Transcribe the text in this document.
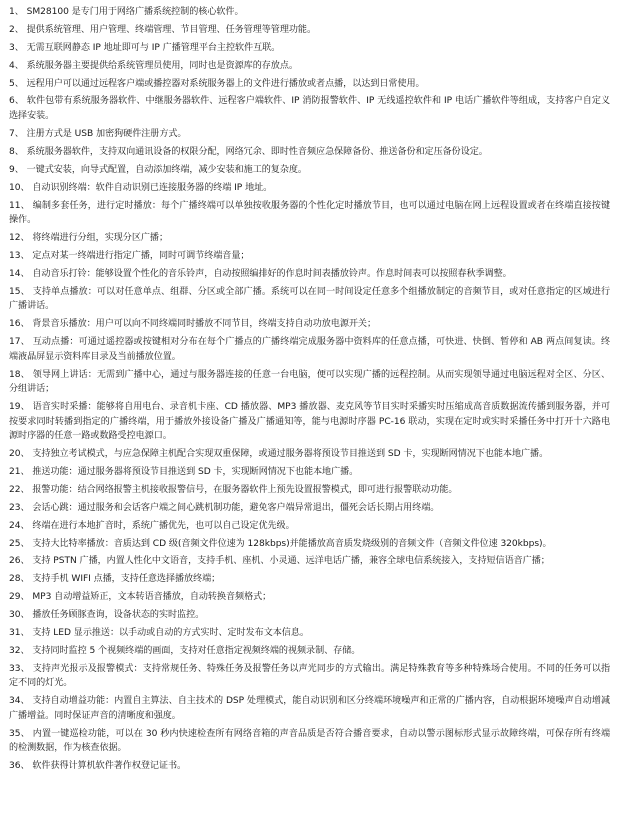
1、 SM28100 是专门用于网络广播系统控制的核心软件。

2、 提供系统管理、用户管理、终端管理、节目管理、任务管理等管理功能。

3、 无需互联网静态 IP 地址即可与 IP 广播管理平台主控软件互联。

4、 系统服务器主要提供给系统管理员使用，同时也是资源库的存放点。

5、 远程用户可以通过远程客户端或播控器对系统服务器上的文件进行播放或者点播，以达到日常使用。

6、 软件包带有系统服务器软件、中继服务器软件、远程客户端软件、IP 消防报警软件、IP 无线遥控软件和 IP 电话广播软件等组成，支持客户自定义选择安装。

7、 注册方式是 USB 加密狗硬件注册方式。

8、 系统服务器软件，支持双向通讯设备的权限分配，网络冗余、即时性音频应急保障备份、推送备份和定压备份设定。

9、 一键式安装，向导式配置，自动添加终端，减少安装和施工的复杂度。

10、 自动识别终端：软件自动识别已连接服务器的终端 IP 地址。

11、 编制多套任务，进行定时播放：每个广播终端可以单独按收服务器的个性化定时播放节目，也可以通过电脑在网上远程设置或者在终端直接按键操作。

12、 将终端进行分组，实现分区广播；

13、 定点对某一终端进行指定广播，同时可调节终端音量；

14、 自动音乐打铃：能够设置个性化的音乐铃声，自动按照编排好的作息时间表播放铃声。作息时间表可以按照春秋季调整。

15、 支持单点播放：可以对任意单点、组群、分区或全部广播。系统可以在同一时间设定任意多个组播放制定的音频节目，或对任意指定的区域进行广播讲话。

16、 背景音乐播放：用户可以向不同终端同时播放不同节目，终端支持自动功放电源开关；

17、 互动点播：可通过遥控器或按键相对分布在每个广播点的广播终端完成服务器中资料库的任意点播，可快进、快倒、暂停和 AB 两点间复读。终端液晶屏显示资料库目录及当前播放位置。

18、 领导网上讲话：无需到广播中心，通过与服务器连接的任意一台电脑，便可以实现广播的远程控制。从而实现领导通过电脑远程对全区、分区、分组讲话；

19、 语音实时采播：能够将自用电台、录音机卡座、CD 播放器、MP3 播放器、麦克风等节目实时采播实时压缩成高音质数据流传播到服务器，并可按要求同时转播到指定的广播终端，用于播放外接设备广播及广播通知等，能与电源时序器 PC-16 联动，实现在定时或实时采播任务中打开十六路电源时序器的任意一路或数路受控电源口。

20、 支持独立考试模式，与应急保障主机配合实现双重保障，或通过服务器将预设节目推送到 SD 卡，实现断网情况下也能本地广播。

21、 推送功能：通过服务器将预设节目推送到 SD 卡，实现断网情况下也能本地广播。

22、 报警功能：结合网络报警主机接收报警信号，在服务器软件上预先设置报警模式，即可进行报警联动功能。

23、 会话心跳：通过服务和会话客户端之间心跳机制功能，避免客户端异常退出，僵死会话长期占用终端。

24、 终端在进行本地扩音时，系统广播优先，也可以自己设定优先级。

25、 支持大比特率播放：音质达到 CD 级(音频文件位速为 128kbps)并能播放高音质发烧级别的音频文件（音频文件位速 320kbps)。

26、 支持 PSTN 广播，内置人性化中文语音，支持手机、座机、小灵通、远洋电话广播，兼容全球电信系统接入，支持短信语音广播；

28、 支持手机 WIFI 点播，支持任意选择播放终端；

29、 MP3 自动增益矫正，文本转语音播放，自动转换音频格式；

30、 播放任务顾豚查询，设备状态的实时监控。

31、 支持 LED 显示推送：以手动或自动的方式实时、定时发布文本信息。

32、 支持同时监控 5 个视频终端的画面，支持对任意指定视频终端的视频录制、存储。

33、 支持声光报示及报警模式：支持常规任务、特殊任务及报警任务以声光同步的方式输出。满足特殊教育等多种特殊场合使用。不同的任务可以指定不同的灯光。

34、 支持自动增益功能：内置自主算法、自主技术的 DSP 处理模式，能自动识别和区分终端环境噪声和正常的广播内容，自动根据环境噪声自动增减广播增益。同时保证声音的清晰度和强度。

35、 内置一键巡检功能，可以在 30 秒内快速检查所有网络音箱的声音品质是否符合播音要求，自动以警示图标形式显示故障终端，可保存所有终端的检测数据，作为核查依据。

36、 软件获得计算机软件著作权登记证书。
